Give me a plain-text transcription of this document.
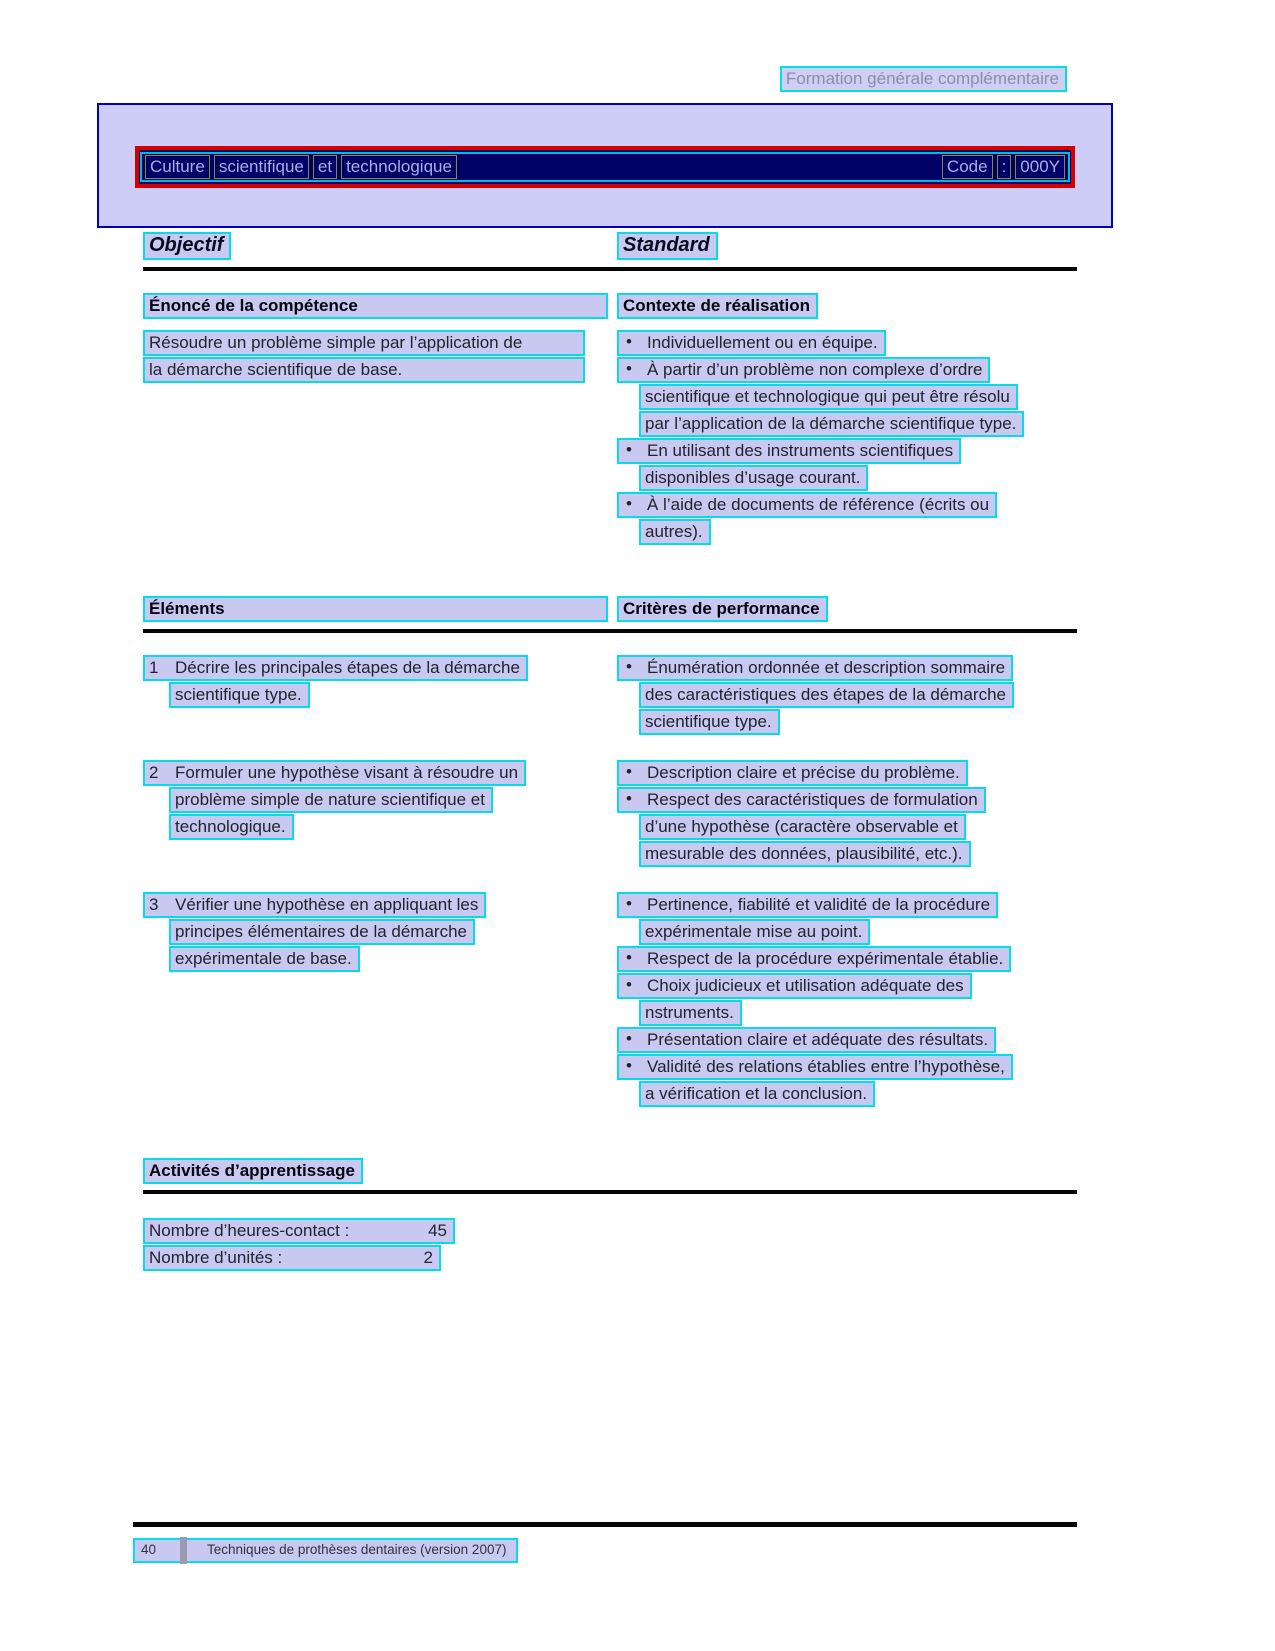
Formation générale complémentaire
Culture scientifique et technologique	Code : 000Y
Objectif	Standard
Énoncé de la compétence	Contexte de réalisation
Résoudre un problème simple par l’application de
la démarche scientifique de base.
• Individuellement ou en équipe.
• À partir d’un problème non complexe d’ordre
scientifique et technologique qui peut être résolu
par l’application de la démarche scientifique type.
• En utilisant des instruments scientifiques
disponibles d’usage courant.
• À l’aide de documents de référence (écrits ou
autres).
Éléments	Critères de performance
1 Décrire les principales étapes de la démarche
scientifique type.
• Énumération ordonnée et description sommaire
des caractéristiques des étapes de la démarche
scientifique type.
2 Formuler une hypothèse visant à résoudre un
problème simple de nature scientifique et
technologique.
• Description claire et précise du problème.
• Respect des caractéristiques de formulation
d’une hypothèse (caractère observable et
mesurable des données, plausibilité, etc.).
3 Vérifier une hypothèse en appliquant les
principes élémentaires de la démarche
expérimentale de base.
• Pertinence, fiabilité et validité de la procédure
expérimentale mise au point.
• Respect de la procédure expérimentale établie.
• Choix judicieux et utilisation adéquate des
nstruments.
• Présentation claire et adéquate des résultats.
• Validité des relations établies entre l’hypothèse,
a vérification et la conclusion.
Activités d’apprentissage
Nombre d’heures-contact :	45
Nombre d’unités :	2
40	Techniques de prothèses dentaires (version 2007)
